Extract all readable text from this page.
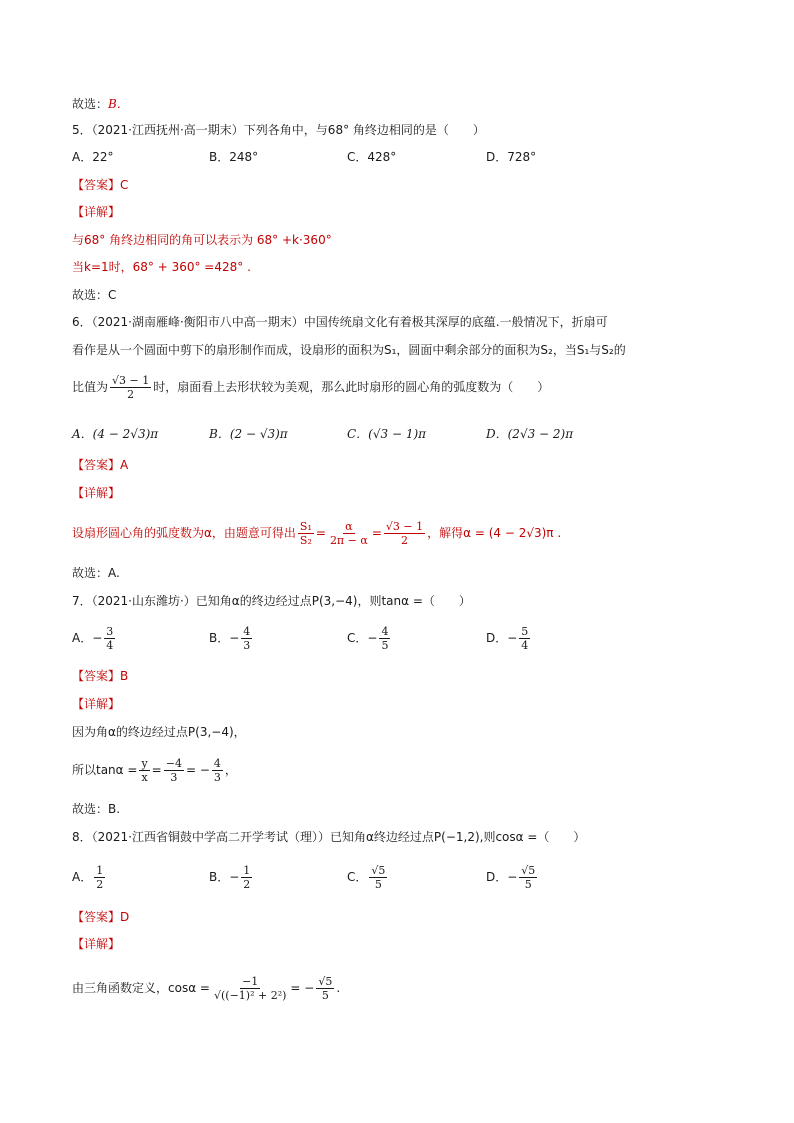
故选：B.
5．（2021·江西抚州·高一期末）下列各角中，与68° 角终边相同的是（　　）
A．22°	B．248°	C．428°	D．728°
【答案】C
【详解】
与68° 角终边相同的角可以表示为 68° +k·360°
当k=1时，68° + 360° =428° .
故选：C
6．（2021·湖南雁峰·衡阳市八中高一期末）中国传统扇文化有着极其深厚的底蕴.一般情况下，折扇可
看作是从一个圆面中剪下的扇形制作而成，设扇形的面积为S₁，圆面中剩余部分的面积为S₂，当S₁与S₂的
比值为 $\frac{√3 - 1}{2}$ 时，扇面看上去形状较为美观，那么此时扇形的圆心角的弧度数为（　　）
A．(4 − 2√3)π	B．(2 − √3)π	C．(√3 − 1)π	D．(2√3 − 2)π
【答案】A
【详解】
设扇形圆心角的弧度数为α，由题意可得出 $\frac{\text{S₁}}{\text{S₂}} = \frac{\alpha}{2\pi - \alpha} = \frac{√3 - 1}{2}$ ，解得α = (4 − 2√3)π .
故选：A.
7．（2021·山东潍坊·）已知角α的终边经过点P(3,−4)，则tanα =（　　）
A．− $\frac{3}{4}$	B．− $\frac{4}{3}$	C．− $\frac{4}{5}$	D．− $\frac{5}{4}$
【答案】B
【详解】
因为角α的终边经过点P(3,−4)，
所以$\tan\alpha = \frac{y}{x} = \frac{-4}{3}$ = − $\frac{4}{3}$ ，
故选：B.
8．（2021·江西省铜鼓中学高二开学考试（理））已知角α终边经过点P(−1,2),则cosα =（　　）
A． $\frac{1}{2}$	B．− $\frac{1}{2}$	C． $\frac{√5}{5}$	D．− $\frac{√5}{5}$
【答案】D
【详解】
由三角函数定义，$\cos\alpha = \frac{-1}{\text{√((−1)² + 2²)}}$ = − $\frac{√5}{5}$ .
